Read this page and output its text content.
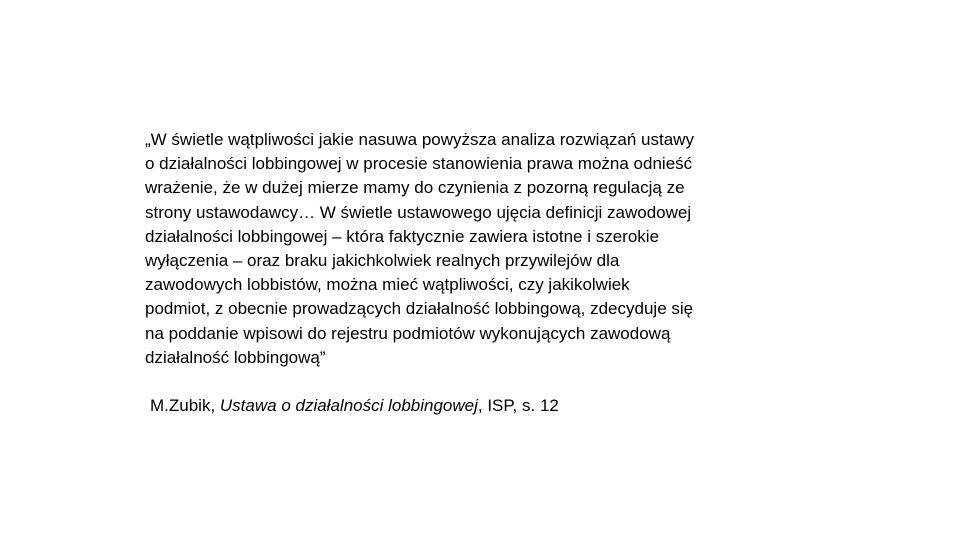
„W świetle wątpliwości jakie nasuwa powyższa analiza rozwiązań ustawy
o działalności lobbingowej w procesie stanowienia prawa można odnieść
wrażenie, że w dużej mierze mamy do czynienia z pozorną regulacją ze
strony ustawodawcy… W świetle ustawowego ujęcia definicji zawodowej
działalności lobbingowej – która faktycznie zawiera istotne i szerokie
wyłączenia – oraz braku jakichkolwiek realnych przywilejów dla
zawodowych lobbistów, można mieć wątpliwości, czy jakikolwiek
podmiot, z obecnie prowadzących działalność lobbingową, zdecyduje się
na poddanie wpisowi do rejestru podmiotów wykonujących zawodową
działalność lobbingową”

M.Zubik, Ustawa o działalności lobbingowej, ISP, s. 12
